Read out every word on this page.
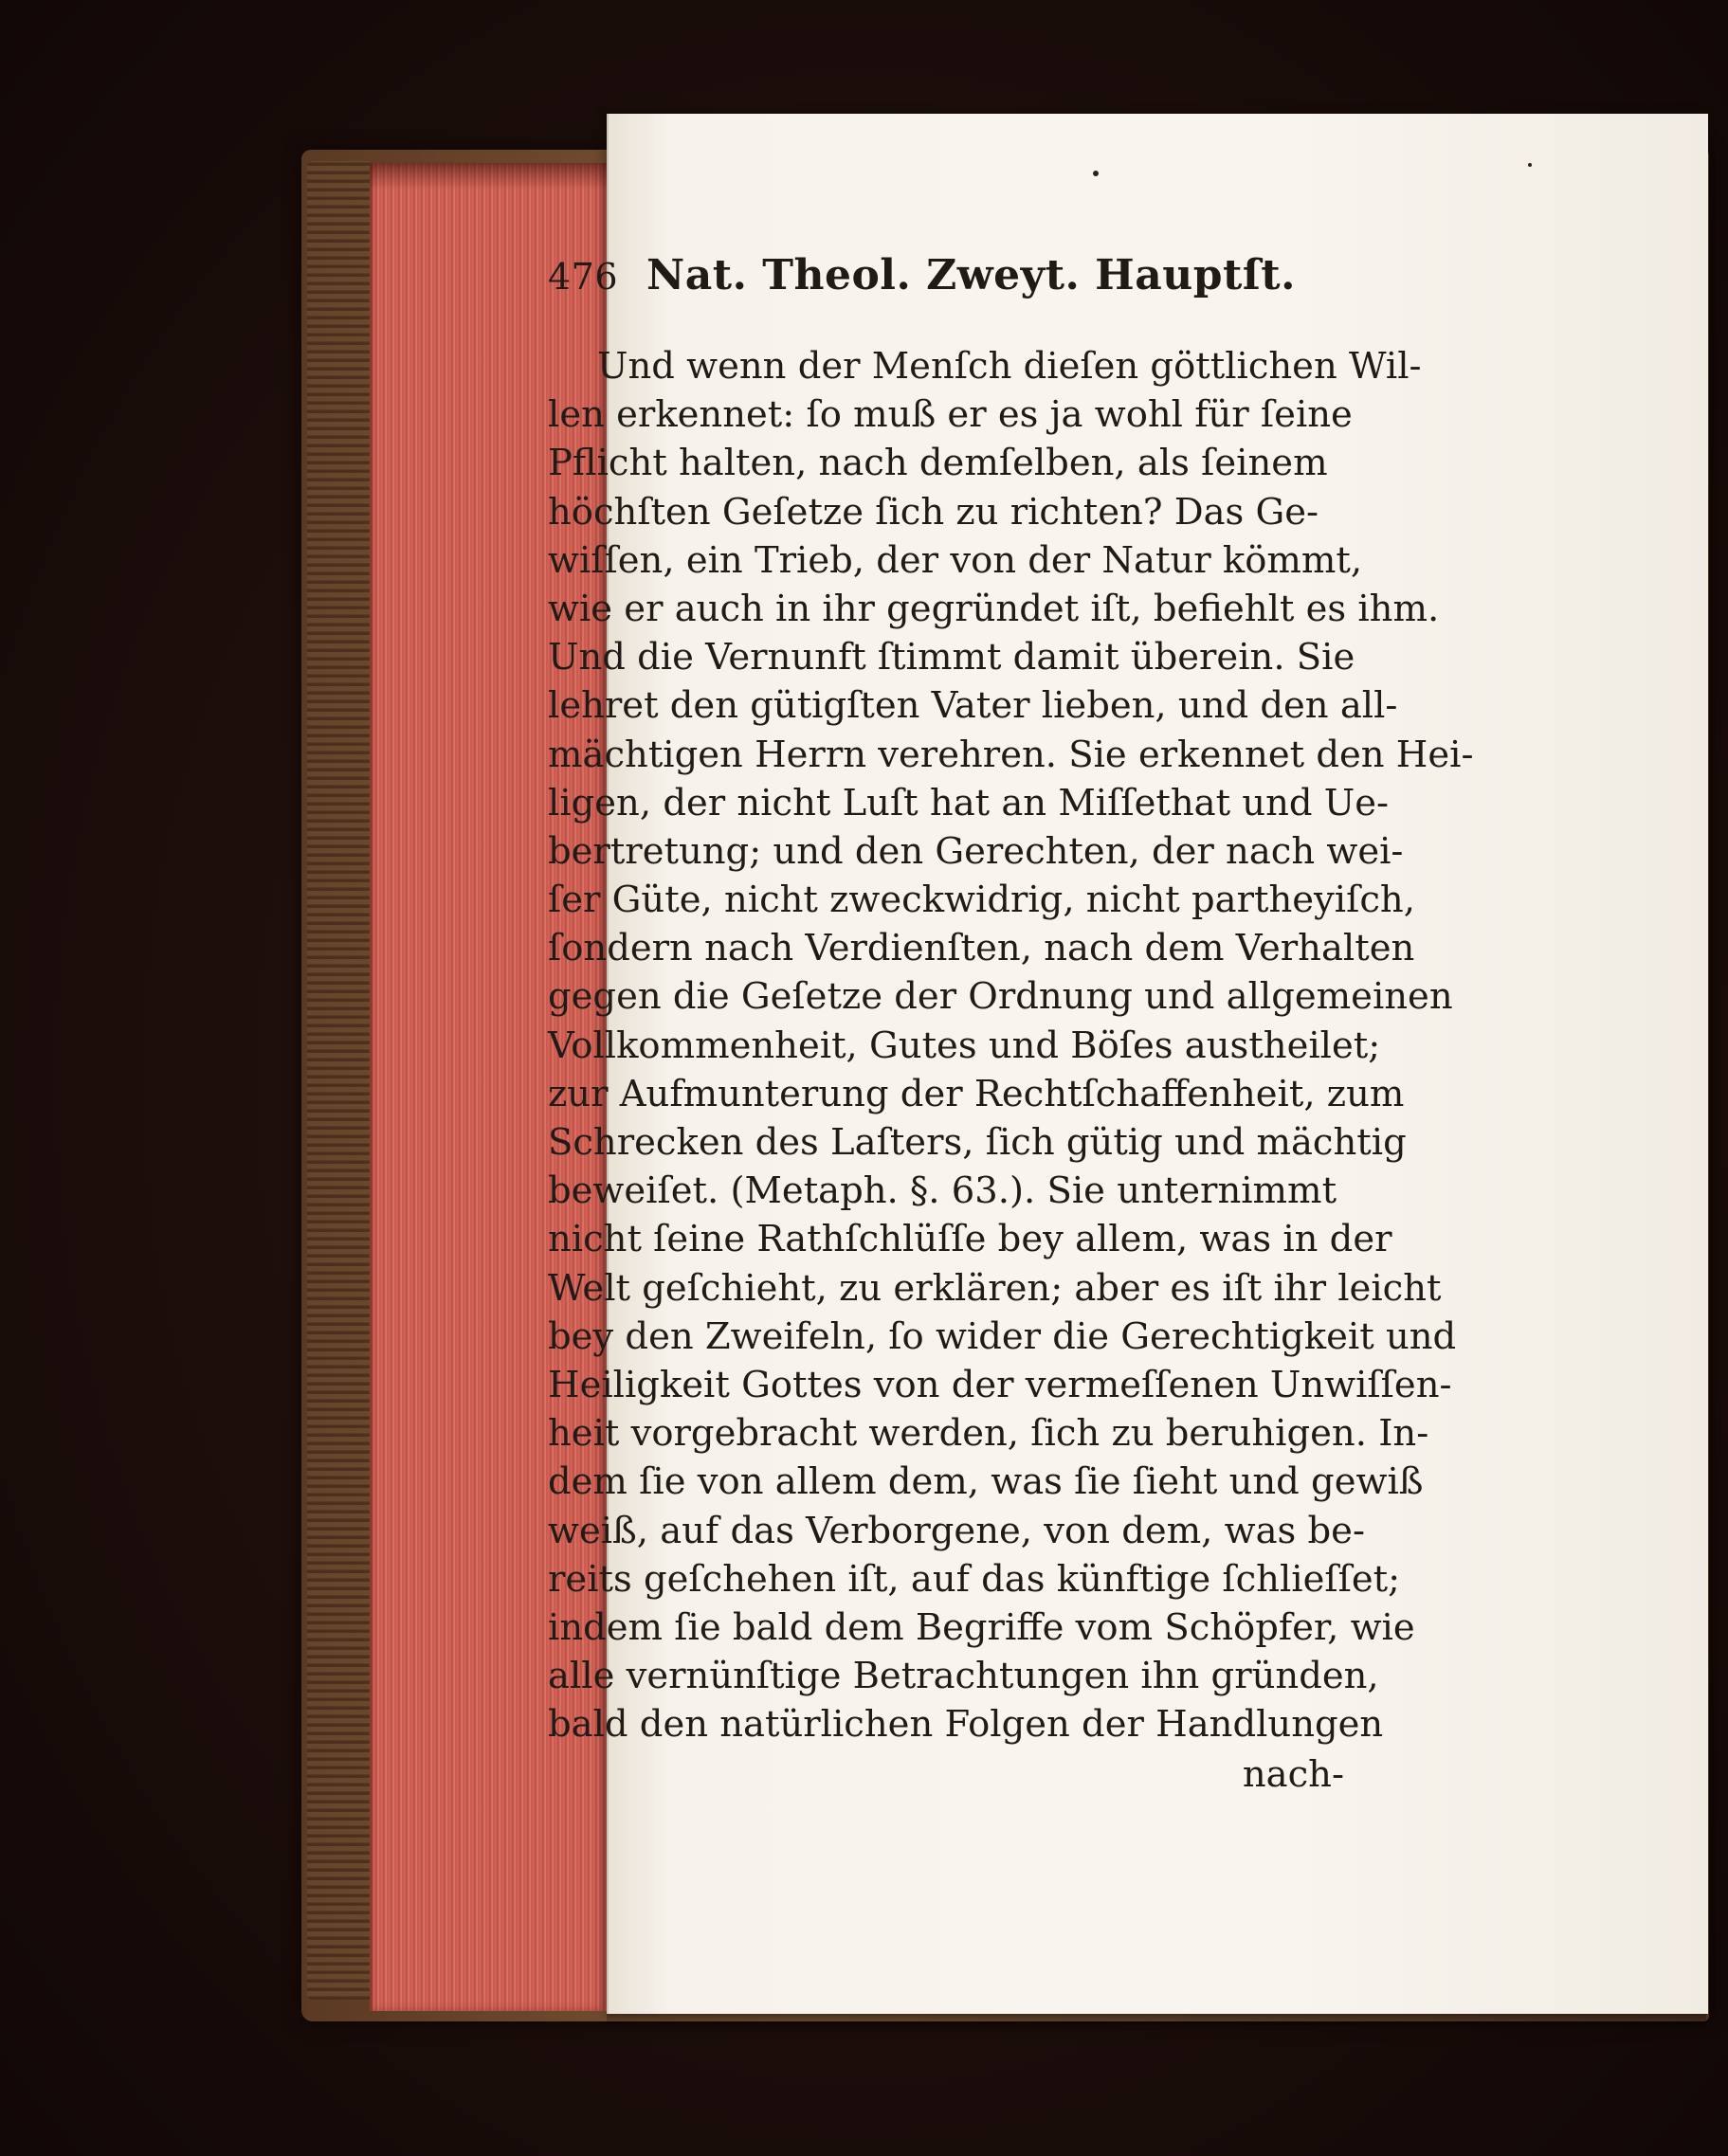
476 Nat. Theol. Zweyt. Hauptſt.
Und wenn der Menſch dieſen göttlichen Wil-
len erkennet: ſo muß er es ja wohl für ſeine
Pflicht halten, nach demſelben, als ſeinem
höchſten Geſetze ſich zu richten? Das Ge-
wiſſen, ein Trieb, der von der Natur kömmt,
wie er auch in ihr gegründet iſt, befiehlt es ihm.
Und die Vernunft ſtimmt damit überein. Sie
lehret den gütigſten Vater lieben, und den all-
mächtigen Herrn verehren. Sie erkennet den Hei-
ligen, der nicht Luſt hat an Miſſethat und Ue-
bertretung; und den Gerechten, der nach wei-
ſer Güte, nicht zweckwidrig, nicht partheyiſch,
ſondern nach Verdienſten, nach dem Verhalten
gegen die Geſetze der Ordnung und allgemeinen
Vollkommenheit, Gutes und Böſes austheilet;
zur Aufmunterung der Rechtſchaffenheit, zum
Schrecken des Laſters, ſich gütig und mächtig
beweiſet. (Metaph. §. 63.). Sie unternimmt
nicht ſeine Rathſchlüſſe bey allem, was in der
Welt geſchieht, zu erklären; aber es iſt ihr leicht
bey den Zweifeln, ſo wider die Gerechtigkeit und
Heiligkeit Gottes von der vermeſſenen Unwiſſen-
heit vorgebracht werden, ſich zu beruhigen. In-
dem ſie von allem dem, was ſie ſieht und gewiß
weiß, auf das Verborgene, von dem, was be-
reits geſchehen iſt, auf das künftige ſchlieſſet;
indem ſie bald dem Begriffe vom Schöpfer, wie
alle vernünſtige Betrachtungen ihn gründen,
bald den natürlichen Folgen der Handlungen
nach-
